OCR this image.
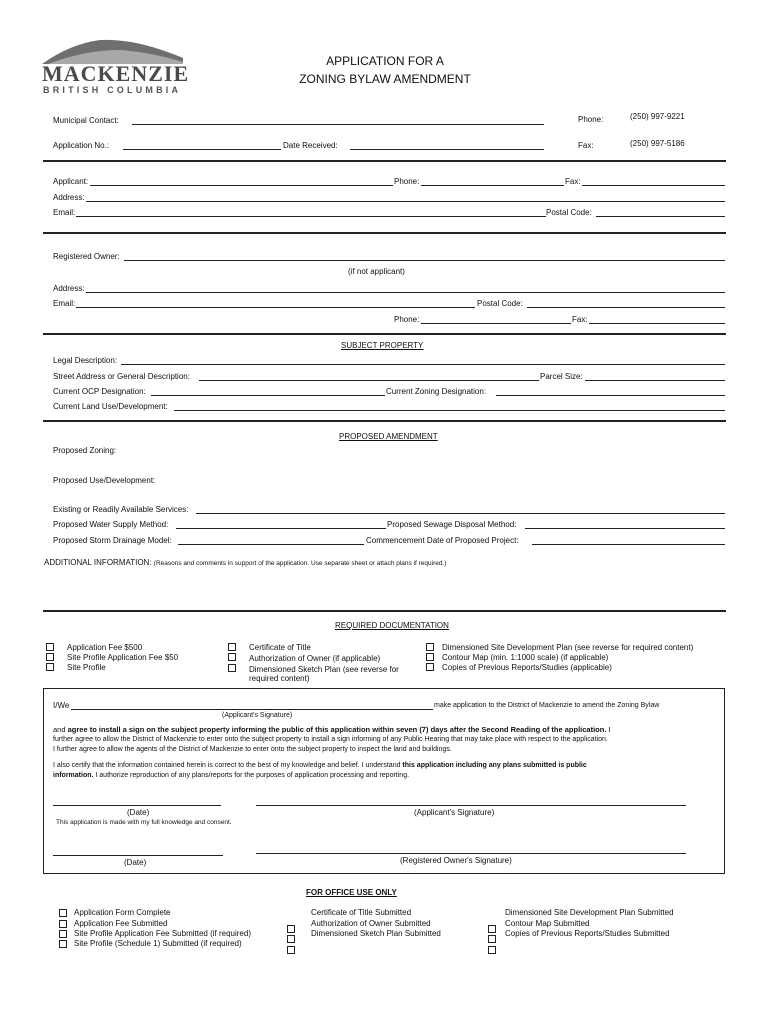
MACKENZIE
BRITISH COLUMBIA
APPLICATION FOR A
ZONING BYLAW AMENDMENT
Municipal Contact:	Phone:	(250) 997-9221
Application No.:	Date Received:	Fax:	(250) 997-5186
Applicant:	Phone:	Fax:
Address:
Email:	Postal Code:
Registered Owner:
(if not applicant)
Address:
Email:	Postal Code:
Phone:	Fax:
SUBJECT PROPERTY
Legal Description:
Street Address or General Description:	Parcel Size:
Current OCP Designation:	Current Zoning Designation:
Current Land Use/Development:
PROPOSED AMENDMENT
Proposed Zoning:
Proposed Use/Development:
Existing or Readily Available Services:
Proposed Water Supply Method:	Proposed Sewage Disposal Method:
Proposed Storm Drainage Model:	Commencement Date of Proposed Project:
ADDITIONAL INFORMATION: (Reasons and comments in support of the application. Use separate sheet or attach plans if required.)
REQUIRED DOCUMENTATION
Application Fee $500
Site Profile Application Fee $50
Site Profile
Certificate of Title
Authorization of Owner (if applicable)
Dimensioned Sketch Plan (see reverse for
required content)
Dimensioned Site Development Plan (see reverse for required content)
Contour Map (min. 1:1000 scale) (if applicable)
Copies of Previous Reports/Studies (applicable)
I/We	make application to the District of Mackenzie to amend the Zoning Bylaw
(Applicant's Signature)
and agree to install a sign on the subject property informing the public of this application within seven (7) days after the Second Reading of the application. I
further agree to allow the District of Mackenzie to enter onto the subject property to install a sign informing of any Public Hearing that may take place with respect to the application.
I further agree to allow the agents of the District of Mackenzie to enter onto the subject property to inspect the land and buildings.
I also certify that the information contained herein is correct to the best of my knowledge and belief. I understand this application including any plans submitted is public
information. I authorize reproduction of any plans/reports for the purposes of application processing and reporting.
(Date)	(Applicant's Signature)
This application is made with my full knowledge and consent.
(Date)	(Registered Owner's Signature)
FOR OFFICE USE ONLY
Application Form Complete
Application Fee Submitted
Site Profile Application Fee Submitted (if required)
Site Profile (Schedule 1) Submitted (if required)
Certificate of Title Submitted
Authorization of Owner Submitted
Dimensioned Sketch Plan Submitted
Dimensioned Site Development Plan Submitted
Contour Map Submitted
Copies of Previous Reports/Studies Submitted
